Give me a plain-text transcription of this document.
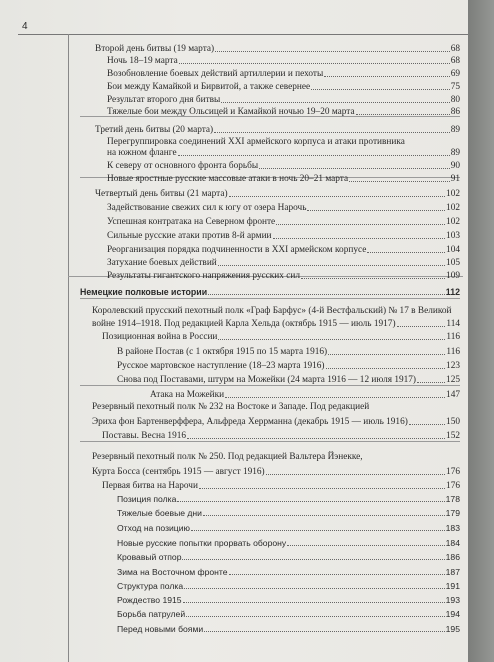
4
Второй день битвы (19 марта)	68
Ночь 18–19 марта	68
Возобновление боевых действий артиллерии и пехоты	69
Бои между Камайкой и Бирвитой, а также севернее	75
Результат второго дня битвы	80
Тяжелые бои между Ольсицей и Камайкой ночью 19–20 марта	86
Третий день битвы (20 марта)	89
Перегруппировка соединений XXI армейского корпуса и атаки противника
на южном фланге	89
К северу от основного фронта борьбы	90
Новые яростные русские массовые атаки в ночь 20–21 марта	91
Четвертый день битвы (21 марта)	102
Задействование свежих сил к югу от озера Нарочь	102
Успешная контратака на Северном фронте	102
Сильные русские атаки против 8-й армии	103
Реорганизация порядка подчиненности в XXI армейском корпусе	104
Затухание боевых действий	105
Результаты гигантского напряжения русских сил	109
Немецкие полковые истории	112
Королевский прусский пехотный полк «Граф Барфус» (4-й Вестфальский) № 17 в Великой
войне 1914–1918. Под редакцией Карла Хельда (октябрь 1915 — июль 1917)	114
Позиционная война в России	116
В районе Постав (с 1 октября 1915 по 15 марта 1916)	116
Русское мартовское наступление (18–23 марта 1916)	123
Снова под Поставами, штурм на Можейки (24 марта 1916 — 12 июля 1917)	125
Атака на Можейки	147
Резервный пехотный полк № 232 на Востоке и Западе. Под редакцией
Эриха фон Бартенверффера, Альфреда Херрманна (декабрь 1915 — июль 1916)	150
Поставы. Весна 1916	152
Резервный пехотный полк № 250. Под редакцией Вальтера Йэнекке,
Курта Босса (сентябрь 1915 — август 1916)	176
Первая битва на Нарочи	176
Позиция полка	178
Тяжелые боевые дни	179
Отход на позицию	183
Новые русские попытки прорвать оборону	184
Кровавый отпор	186
Зима на Восточном фронте	187
Структура полка	191
Рождество 1915	193
Борьба патрулей	194
Перед новыми боями	195
